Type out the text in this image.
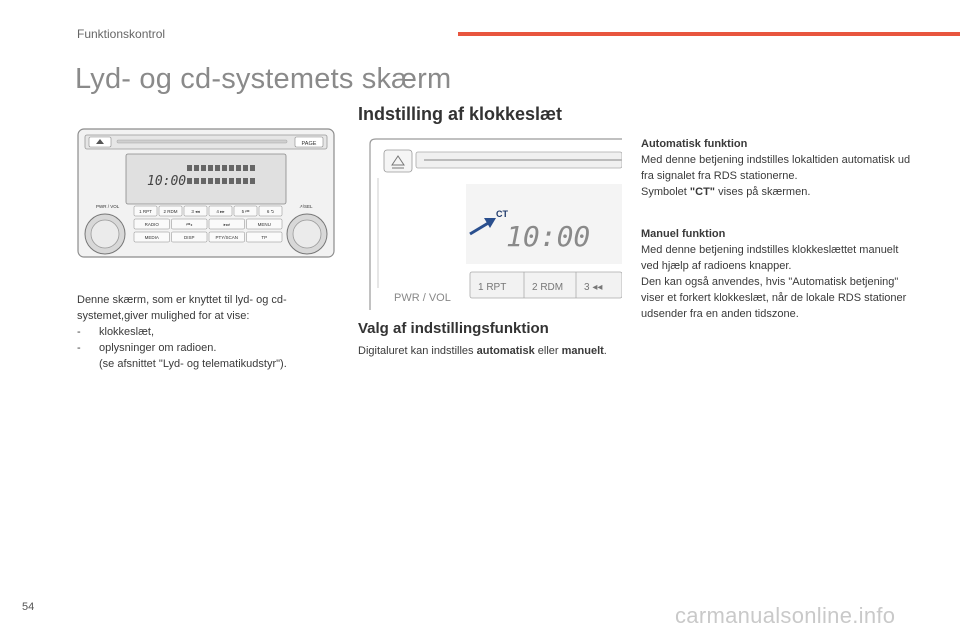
Funktionskontrol
Lyd- og cd-systemets skærm
Indstilling af klokkeslæt
PAGE
10:00
PWR / VOL	↗/SEL
1 RPT	2 RDM	3 ◂◂	4 ▸▸	5 ⏮	6 ⮌
RADIO	⏮◂	▸⏭	MENU
MEDIA	DISP	PTY/SCAN	TP
Denne skærm, som er knyttet til lyd- og cd-systemet,giver mulighed for at vise:
-	klokkeslæt,
-	oplysninger om radioen.
(se afsnittet "Lyd- og telematikudstyr").
CT
10:00
1 RPT	2 RDM 3 ◂◂
PWR / VOL
Valg af indstillingsfunktion
Digitaluret kan indstilles automatisk eller manuelt.
Automatisk funktion
Med denne betjening indstilles lokaltiden automatisk ud fra signalet fra RDS stationerne.
Symbolet "CT" vises på skærmen.
Manuel funktion
Med denne betjening indstilles klokkeslættet manuelt ved hjælp af radioens knapper.
Den kan også anvendes, hvis "Automatisk betjening" viser et forkert klokkeslæt, når de lokale RDS stationer udsender fra en anden tidszone.
54	carmanualsonline.info
